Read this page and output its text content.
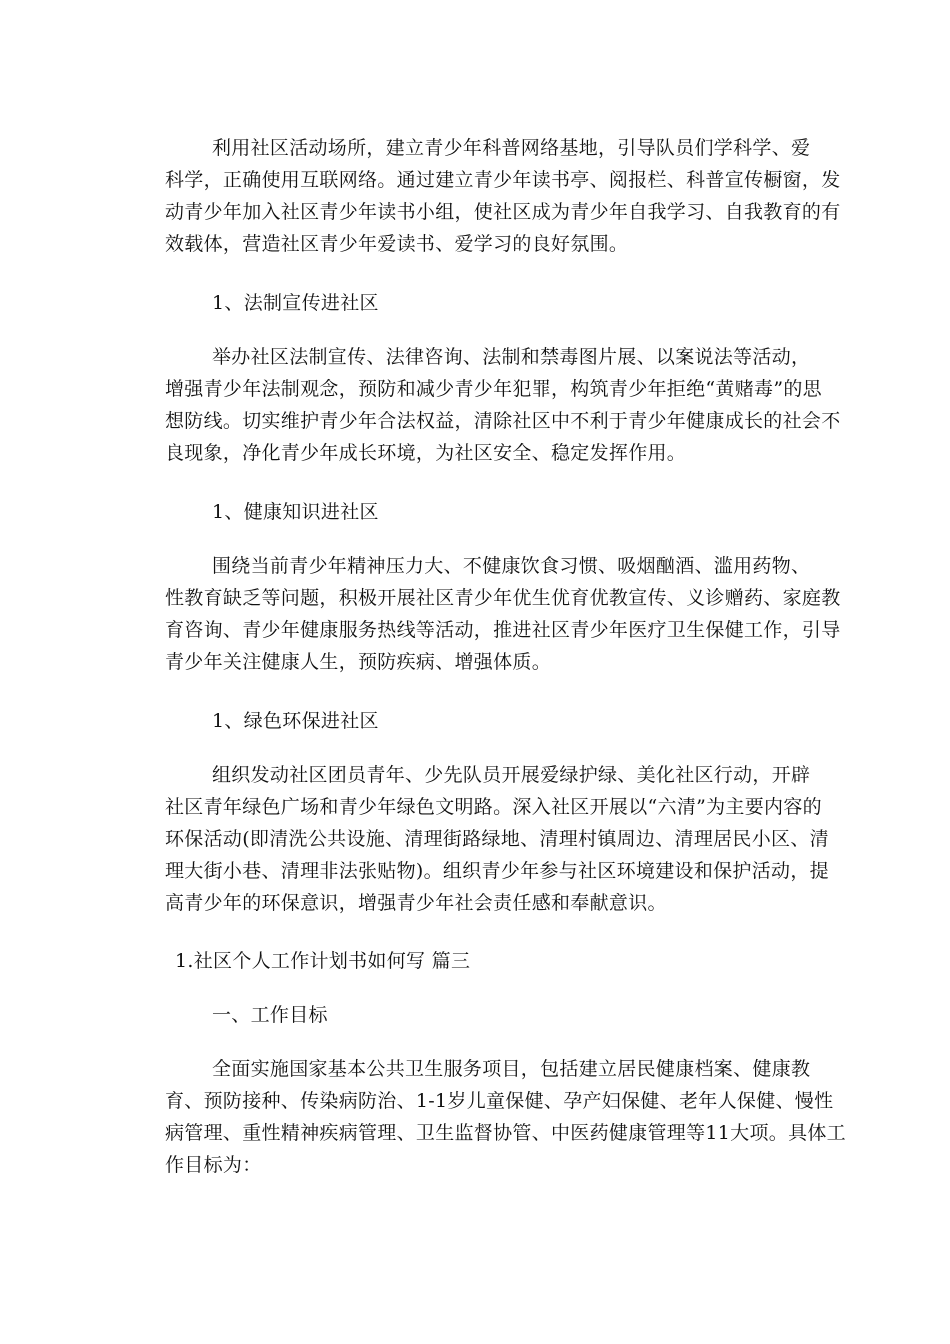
利用社区活动场所，建立青少年科普网络基地，引导队员们学科学、爱
科学，正确使用互联网络。通过建立青少年读书亭、阅报栏、科普宣传橱窗，发
动青少年加入社区青少年读书小组，使社区成为青少年自我学习、自我教育的有
效载体，营造社区青少年爱读书、爱学习的良好氛围。
1、法制宣传进社区
举办社区法制宣传、法律咨询、法制和禁毒图片展、以案说法等活动，
增强青少年法制观念，预防和减少青少年犯罪，构筑青少年拒绝“黄赌毒”的思
想防线。切实维护青少年合法权益，清除社区中不利于青少年健康成长的社会不
良现象，净化青少年成长环境，为社区安全、稳定发挥作用。
1、健康知识进社区
围绕当前青少年精神压力大、不健康饮食习惯、吸烟酗酒、滥用药物、
性教育缺乏等问题，积极开展社区青少年优生优育优教宣传、义诊赠药、家庭教
育咨询、青少年健康服务热线等活动，推进社区青少年医疗卫生保健工作，引导
青少年关注健康人生，预防疾病、增强体质。
1、绿色环保进社区
组织发动社区团员青年、少先队员开展爱绿护绿、美化社区行动，开辟
社区青年绿色广场和青少年绿色文明路。深入社区开展以“六清”为主要内容的
环保活动(即清洗公共设施、清理街路绿地、清理村镇周边、清理居民小区、清
理大街小巷、清理非法张贴物)。组织青少年参与社区环境建设和保护活动，提
高青少年的环保意识，增强青少年社会责任感和奉献意识。
1.社区个人工作计划书如何写 篇三
一、工作目标
全面实施国家基本公共卫生服务项目，包括建立居民健康档案、健康教
育、预防接种、传染病防治、1-1岁儿童保健、孕产妇保健、老年人保健、慢性
病管理、重性精神疾病管理、卫生监督协管、中医药健康管理等11大项。具体工
作目标为：
